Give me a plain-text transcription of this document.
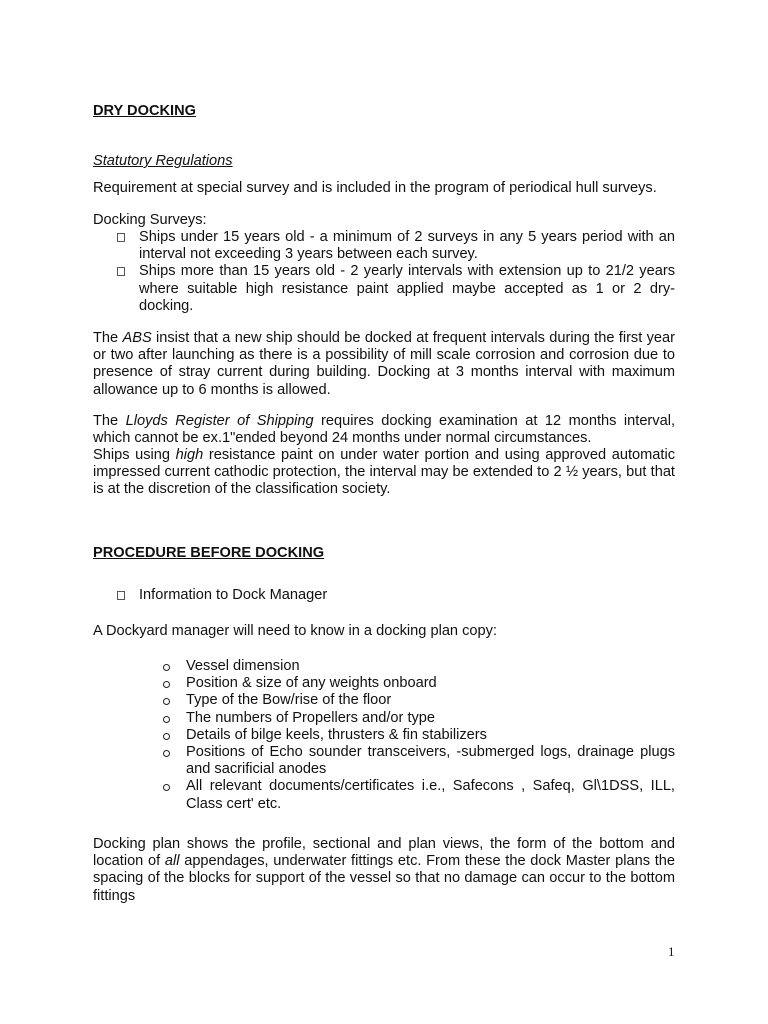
DRY DOCKING
Statutory Regulations

Requirement at special survey and is included in the program of periodical hull surveys.

Docking Surveys:
Ships under 15 years old - a minimum of 2 surveys in any 5 years period with an interval not exceeding 3 years between each survey.
Ships more than 15 years old - 2 yearly intervals with extension up to 21/2 years where suitable high resistance paint applied maybe accepted as 1 or 2 dry-docking.

The ABS insist that a new ship should be docked at frequent intervals during the first year or two after launching as there is a possibility of mill scale corrosion and corrosion due to presence of stray current during building. Docking at 3 months interval with maximum allowance up to 6 months is allowed.

The Lloyds Register of Shipping requires docking examination at 12 months interval, which cannot be ex.1"ended beyond 24 months under normal circumstances.

Ships using high resistance paint on under water portion and using approved automatic impressed current cathodic protection, the interval may be extended to 2 ½ years, but that is at the discretion of the classification society.

PROCEDURE BEFORE DOCKING
Information to Dock Manager

A Dockyard manager will need to know in a docking plan copy:

Vessel dimension
Position & size of any weights onboard
Type of the Bow/rise of the floor
The numbers of Propellers and/or type
Details of bilge keels, thrusters & fin stabilizers
Positions of Echo sounder transceivers, -submerged logs, drainage plugs and sacrificial anodes
All relevant documents/certificates i.e., Safecons , Safeq, Gl\1DSS, ILL, Class cert' etc.

Docking plan shows the profile, sectional and plan views, the form of the bottom and location of all appendages, underwater fittings etc. From these the dock Master plans the spacing of the blocks for support of the vessel so that no damage can occur to the bottom fittings

1
